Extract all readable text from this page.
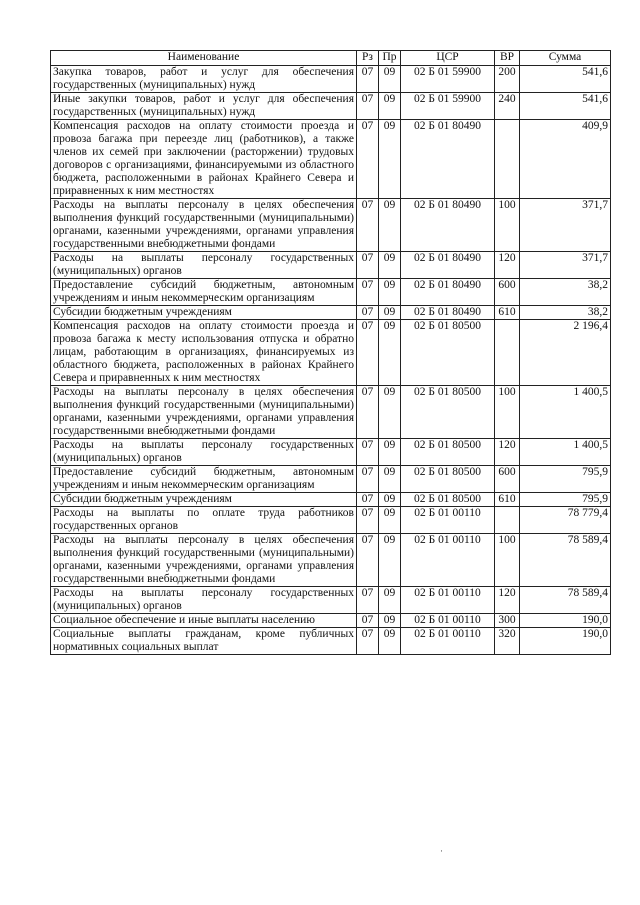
Наименование	Рз	Пр	ЦСР	ВР	Сумма
Закупка товаров, работ и услуг для обеспечения государственных (муниципальных) нужд	07	09	02 Б 01 59900	200	541,6
Иные закупки товаров, работ и услуг для обеспечения государственных (муниципальных) нужд	07	09	02 Б 01 59900	240	541,6
Компенсация расходов на оплату стоимости проезда и провоза багажа при переезде лиц (работников), а также членов их семей при заключении (расторжении) трудовых договоров с организациями, финансируемыми из областного бюджета, расположенными в районах Крайнего Севера и приравненных к ним местностях	07	09	02 Б 01 80490		409,9
Расходы на выплаты персоналу в целях обеспечения выполнения функций государственными (муниципальными) органами, казенными учреждениями, органами управления государственными внебюджетными фондами	07	09	02 Б 01 80490	100	371,7
Расходы на выплаты персоналу государственных (муниципальных) органов	07	09	02 Б 01 80490	120	371,7
Предоставление субсидий бюджетным, автономным учреждениям и иным некоммерческим организациям	07	09	02 Б 01 80490	600	38,2
Субсидии бюджетным учреждениям	07	09	02 Б 01 80490	610	38,2
Компенсация расходов на оплату стоимости проезда и провоза багажа к месту использования отпуска и обратно лицам, работающим в организациях, финансируемых из областного бюджета, расположенных в районах Крайнего Севера и приравненных к ним местностях	07	09	02 Б 01 80500		2 196,4
Расходы на выплаты персоналу в целях обеспечения выполнения функций государственными (муниципальными) органами, казенными учреждениями, органами управления государственными внебюджетными фондами	07	09	02 Б 01 80500	100	1 400,5
Расходы на выплаты персоналу государственных (муниципальных) органов	07	09	02 Б 01 80500	120	1 400,5
Предоставление субсидий бюджетным, автономным учреждениям и иным некоммерческим организациям	07	09	02 Б 01 80500	600	795,9
Субсидии бюджетным учреждениям	07	09	02 Б 01 80500	610	795,9
Расходы на выплаты по оплате труда работников государственных органов	07	09	02 Б 01 00110		78 779,4
Расходы на выплаты персоналу в целях обеспечения выполнения функций государственными (муниципальными) органами, казенными учреждениями, органами управления государственными внебюджетными фондами	07	09	02 Б 01 00110	100	78 589,4
Расходы на выплаты персоналу государственных (муниципальных) органов	07	09	02 Б 01 00110	120	78 589,4
Социальное обеспечение и иные выплаты населению	07	09	02 Б 01 00110	300	190,0
Социальные выплаты гражданам, кроме публичных нормативных социальных выплат	07	09	02 Б 01 00110	320	190,0
·
